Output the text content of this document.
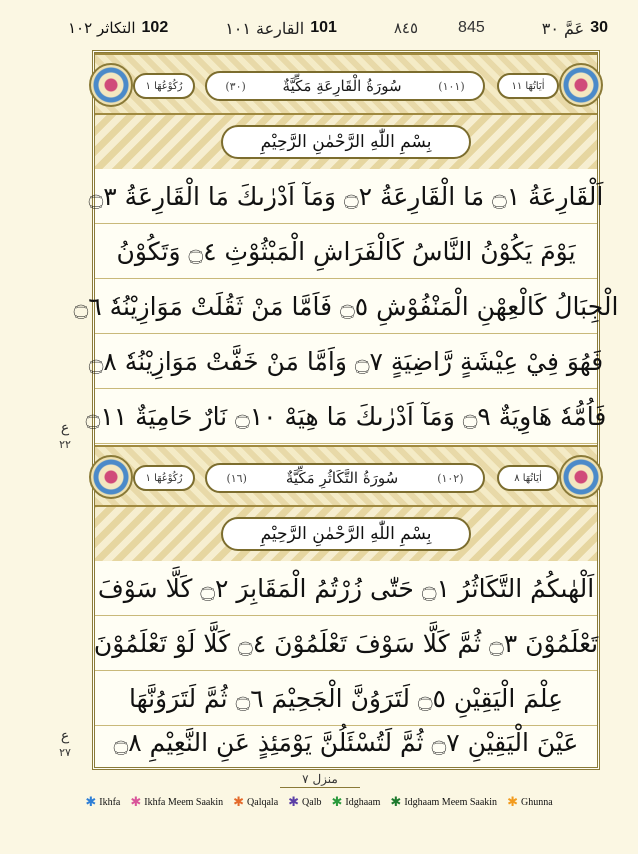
التكاثر ١٠٢ 102	القارعة ١٠١ 101	٨٤٥	845	عَمَّ ٣٠ 30
ع
٢٢
ع
٢٧
رُكُوْعُهَا ١	(٣٠) سُورَةُ الْقَارِعَةِ مَكِّيَّةٌ	(١٠١)	اٰيَاتُهَا ١١
بِسْمِ اللّٰهِ الرَّحْمٰنِ الرَّحِيْمِ
اَلْقَارِعَةُ ۝١ مَا الْقَارِعَةُ ۝٢ وَمَآ اَدْرٰىكَ مَا الْقَارِعَةُ ۝٣
يَوْمَ يَكُوْنُ النَّاسُ كَالْفَرَاشِ الْمَبْثُوْثِ ۝٤ وَتَكُوْنُ
الْجِبَالُ كَالْعِهْنِ الْمَنْفُوْشِ ۝٥ فَاَمَّا مَنْ ثَقُلَتْ مَوَازِيْنُهٗ ۝٦
فَهُوَ فِيْ عِيْشَةٍ رَّاضِيَةٍ ۝٧ وَاَمَّا مَنْ خَفَّتْ مَوَازِيْنُهٗ ۝٨
فَاُمُّهٗ هَاوِيَةٌ ۝٩ وَمَآ اَدْرٰىكَ مَا هِيَهْ ۝١٠ نَارٌ حَامِيَةٌ ۝١١
رُكُوْعُهَا ١	(١٦)	سُورَةُ التَّكَاثُرِ مَكِّيَّةٌ	(١٠٢)	اٰيَاتُهَا ٨
بِسْمِ اللّٰهِ الرَّحْمٰنِ الرَّحِيْمِ
اَلْهٰىكُمُ التَّكَاثُرُ ۝١ حَتّٰى زُرْتُمُ الْمَقَابِرَ ۝٢ كَلَّا سَوْفَ
تَعْلَمُوْنَ ۝٣ ثُمَّ كَلَّا سَوْفَ تَعْلَمُوْنَ ۝٤ كَلَّا لَوْ تَعْلَمُوْنَ
عِلْمَ الْيَقِيْنِ ۝٥ لَتَرَوُنَّ الْجَحِيْمَ ۝٦ ثُمَّ لَتَرَوُنَّهَا
عَيْنَ الْيَقِيْنِ ۝٧ ثُمَّ لَتُسْئَلُنَّ يَوْمَئِذٍ عَنِ النَّعِيْمِ ۝٨
منزل ٧
✱ Ikhfa ✱ Ikhfa Meem Saakin ✱ Qalqala ✱ Qalb ✱ Idghaam ✱ Idghaam Meem Saakin ✱ Ghunna
